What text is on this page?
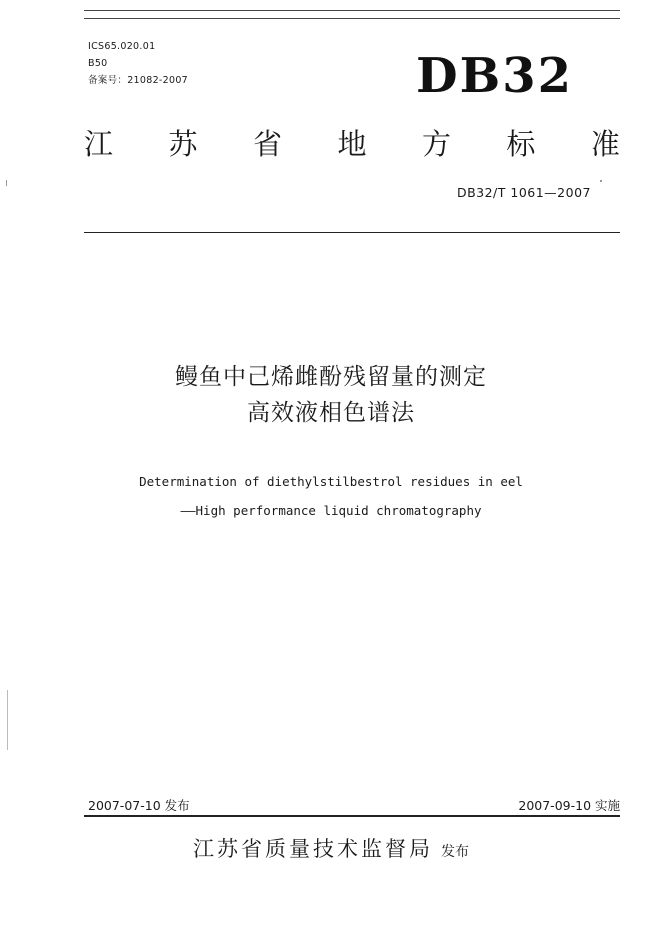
ICS65.020.01
B50
备案号：21082-2007	DB32
江 苏 省 地 方 标 准
DB32/T 1061—2007
鳗鱼中己烯雌酚残留量的测定
高效液相色谱法
Determination of diethylstilbestrol residues in eel
——High performance liquid chromatography
2007-07-10 发布	2007-09-10 实施
江苏省质量技术监督局 发布
